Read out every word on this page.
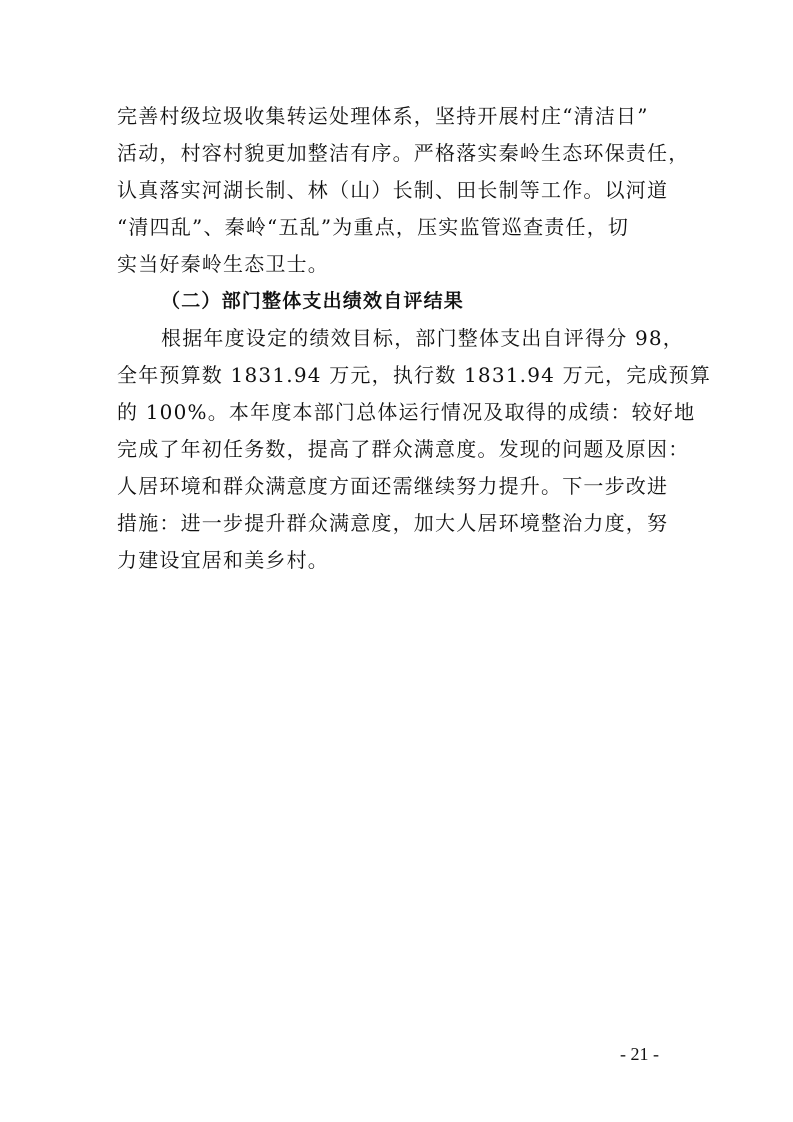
完善村级垃圾收集转运处理体系，坚持开展村庄“清洁日”
活动，村容村貌更加整洁有序。严格落实秦岭生态环保责任，
认真落实河湖长制、林（山）长制、田长制等工作。以河道
“清四乱”、秦岭“五乱”为重点，压实监管巡查责任，切
实当好秦岭生态卫士。
（二）部门整体支出绩效自评结果
根据年度设定的绩效目标，部门整体支出自评得分 98，
全年预算数 1831.94 万元，执行数 1831.94 万元，完成预算
的 100%。本年度本部门总体运行情况及取得的成绩：较好地
完成了年初任务数，提高了群众满意度。发现的问题及原因：
人居环境和群众满意度方面还需继续努力提升。下一步改进
措施：进一步提升群众满意度，加大人居环境整治力度，努
力建设宜居和美乡村。
- 21 -
